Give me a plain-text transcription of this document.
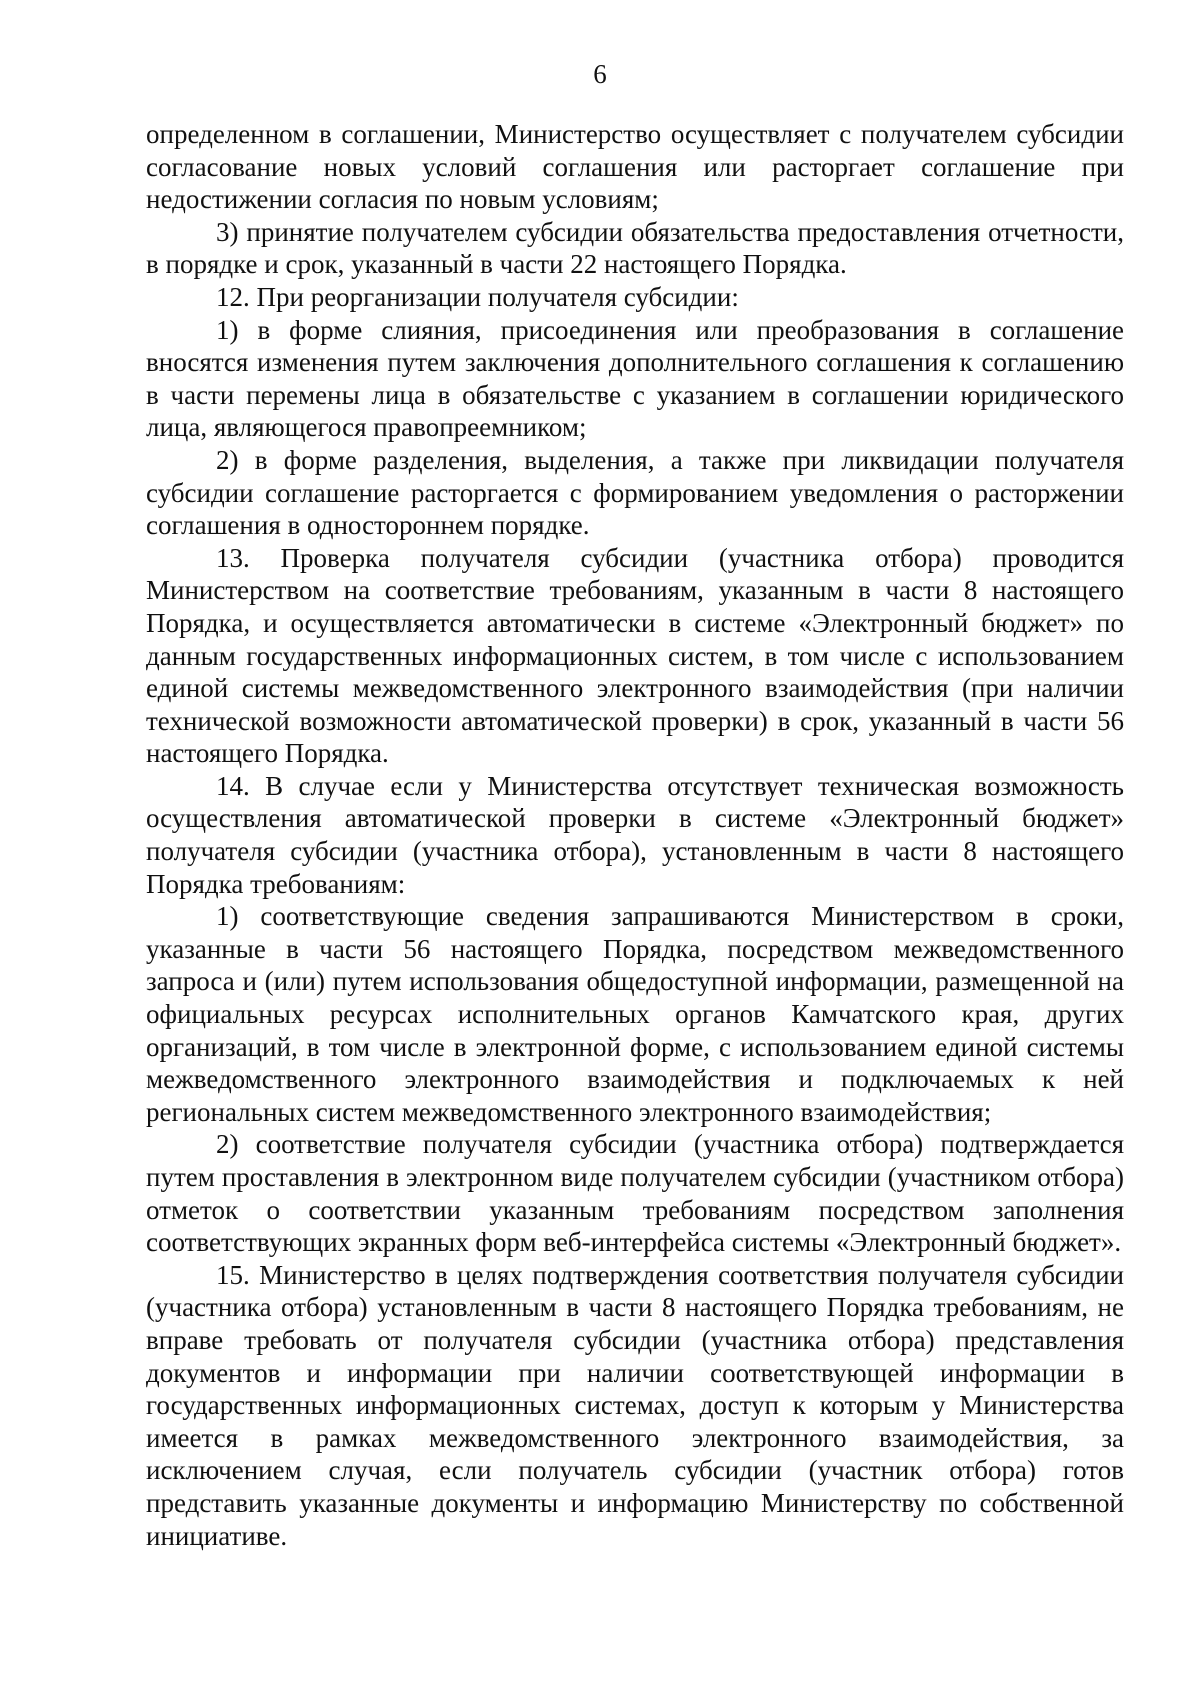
6

определенном в соглашении, Министерство осуществляет с получателем субсидии согласование новых условий соглашения или расторгает соглашение при недостижении согласия по новым условиям;

3) принятие получателем субсидии обязательства предоставления отчетности, в порядке и срок, указанный в части 22 настоящего Порядка.

12. При реорганизации получателя субсидии:

1) в форме слияния, присоединения или преобразования в соглашение вносятся изменения путем заключения дополнительного соглашения к соглашению в части перемены лица в обязательстве с указанием в соглашении юридического лица, являющегося правопреемником;

2) в форме разделения, выделения, а также при ликвидации получателя субсидии соглашение расторгается с формированием уведомления о расторжении соглашения в одностороннем порядке.

13. Проверка получателя субсидии (участника отбора) проводится Министерством на соответствие требованиям, указанным в части 8 настоящего Порядка, и осуществляется автоматически в системе «Электронный бюджет» по данным государственных информационных систем, в том числе с использованием единой системы межведомственного электронного взаимодействия (при наличии технической возможности автоматической проверки) в срок, указанный в части 56 настоящего Порядка.

14. В случае если у Министерства отсутствует техническая возможность осуществления автоматической проверки в системе «Электронный бюджет» получателя субсидии (участника отбора), установленным в части 8 настоящего Порядка требованиям:

1) соответствующие сведения запрашиваются Министерством в сроки, указанные в части 56 настоящего Порядка, посредством межведомственного запроса и (или) путем использования общедоступной информации, размещенной на официальных ресурсах исполнительных органов Камчатского края, других организаций, в том числе в электронной форме, с использованием единой системы межведомственного электронного взаимодействия и подключаемых к ней региональных систем межведомственного электронного взаимодействия;

2) соответствие получателя субсидии (участника отбора) подтверждается путем проставления в электронном виде получателем субсидии (участником отбора) отметок о соответствии указанным требованиям посредством заполнения соответствующих экранных форм веб-интерфейса системы «Электронный бюджет».

15. Министерство в целях подтверждения соответствия получателя субсидии (участника отбора) установленным в части 8 настоящего Порядка требованиям, не вправе требовать от получателя субсидии (участника отбора) представления документов и информации при наличии соответствующей информации в государственных информационных системах, доступ к которым у Министерства имеется в рамках межведомственного электронного взаимодействия, за исключением случая, если получатель субсидии (участник отбора) готов представить указанные документы и информацию Министерству по собственной инициативе.
